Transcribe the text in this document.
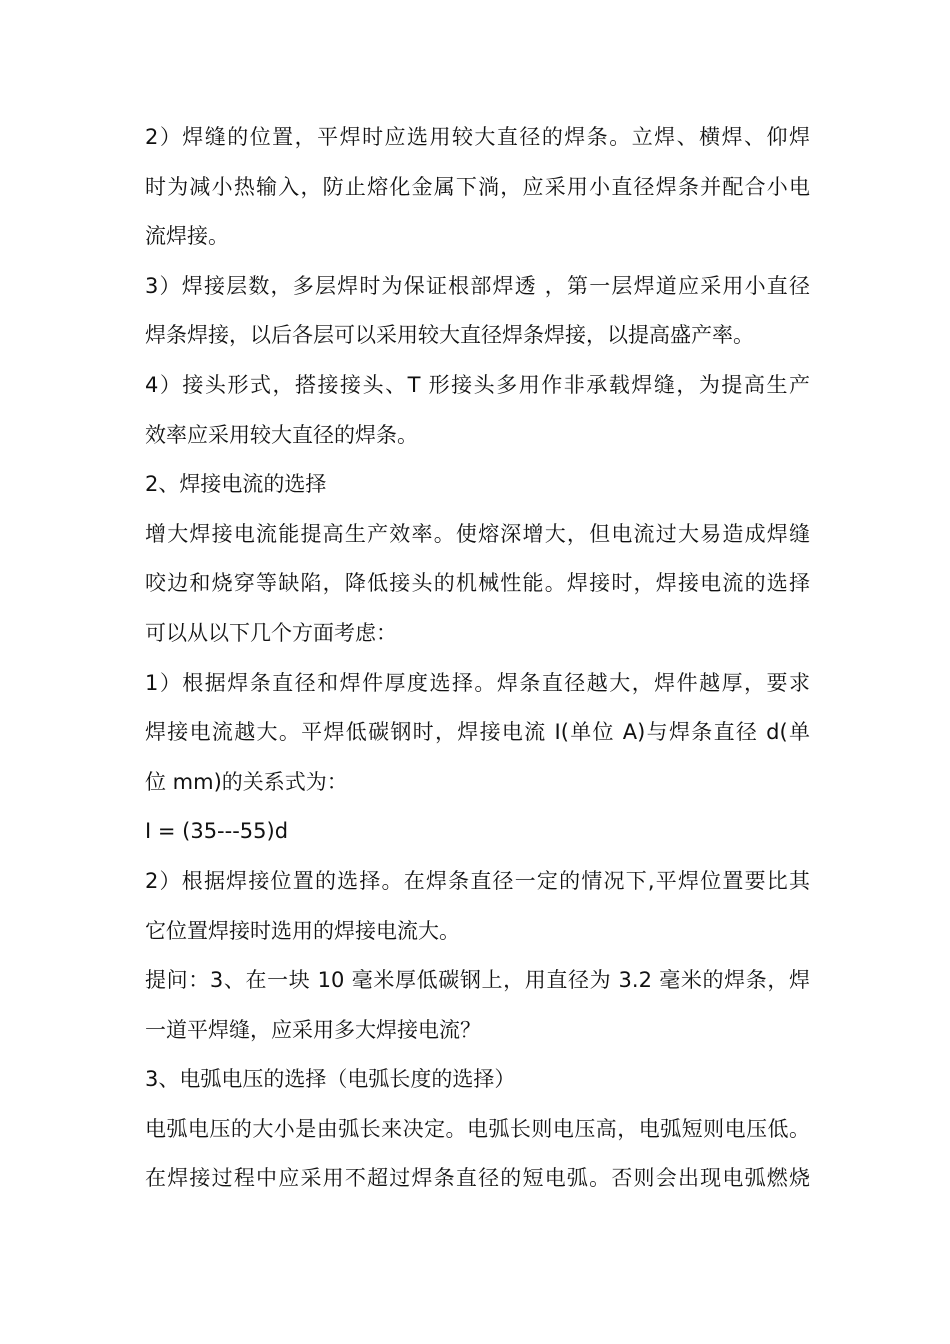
2）焊缝的位置，平焊时应选用较大直径的焊条。立焊、横焊、仰焊
时为减小热输入，防止熔化金属下淌，应采用小直径焊条并配合小电
流焊接。
3）焊接层数，多层焊时为保证根部焊透 ，第一层焊道应采用小直径
焊条焊接，以后各层可以采用较大直径焊条焊接，以提高盛产率。
4）接头形式，搭接接头、T 形接头多用作非承载焊缝，为提高生产
效率应采用较大直径的焊条。
2、焊接电流的选择
增大焊接电流能提高生产效率。使熔深增大，但电流过大易造成焊缝
咬边和烧穿等缺陷，降低接头的机械性能。焊接时，焊接电流的选择
可以从以下几个方面考虑：
1）根据焊条直径和焊件厚度选择。焊条直径越大，焊件越厚，要求
焊接电流越大。平焊低碳钢时，焊接电流 I(单位 A)与焊条直径 d(单
位 mm)的关系式为：
I = (35---55)d
2）根据焊接位置的选择。在焊条直径一定的情况下,平焊位置要比其
它位置焊接时选用的焊接电流大。
提问：3、在一块 10 毫米厚低碳钢上，用直径为 3.2 毫米的焊条，焊
一道平焊缝，应采用多大焊接电流？
3、电弧电压的选择（电弧长度的选择）
电弧电压的大小是由弧长来决定。电弧长则电压高，电弧短则电压低。
在焊接过程中应采用不超过焊条直径的短电弧。否则会出现电弧燃烧
